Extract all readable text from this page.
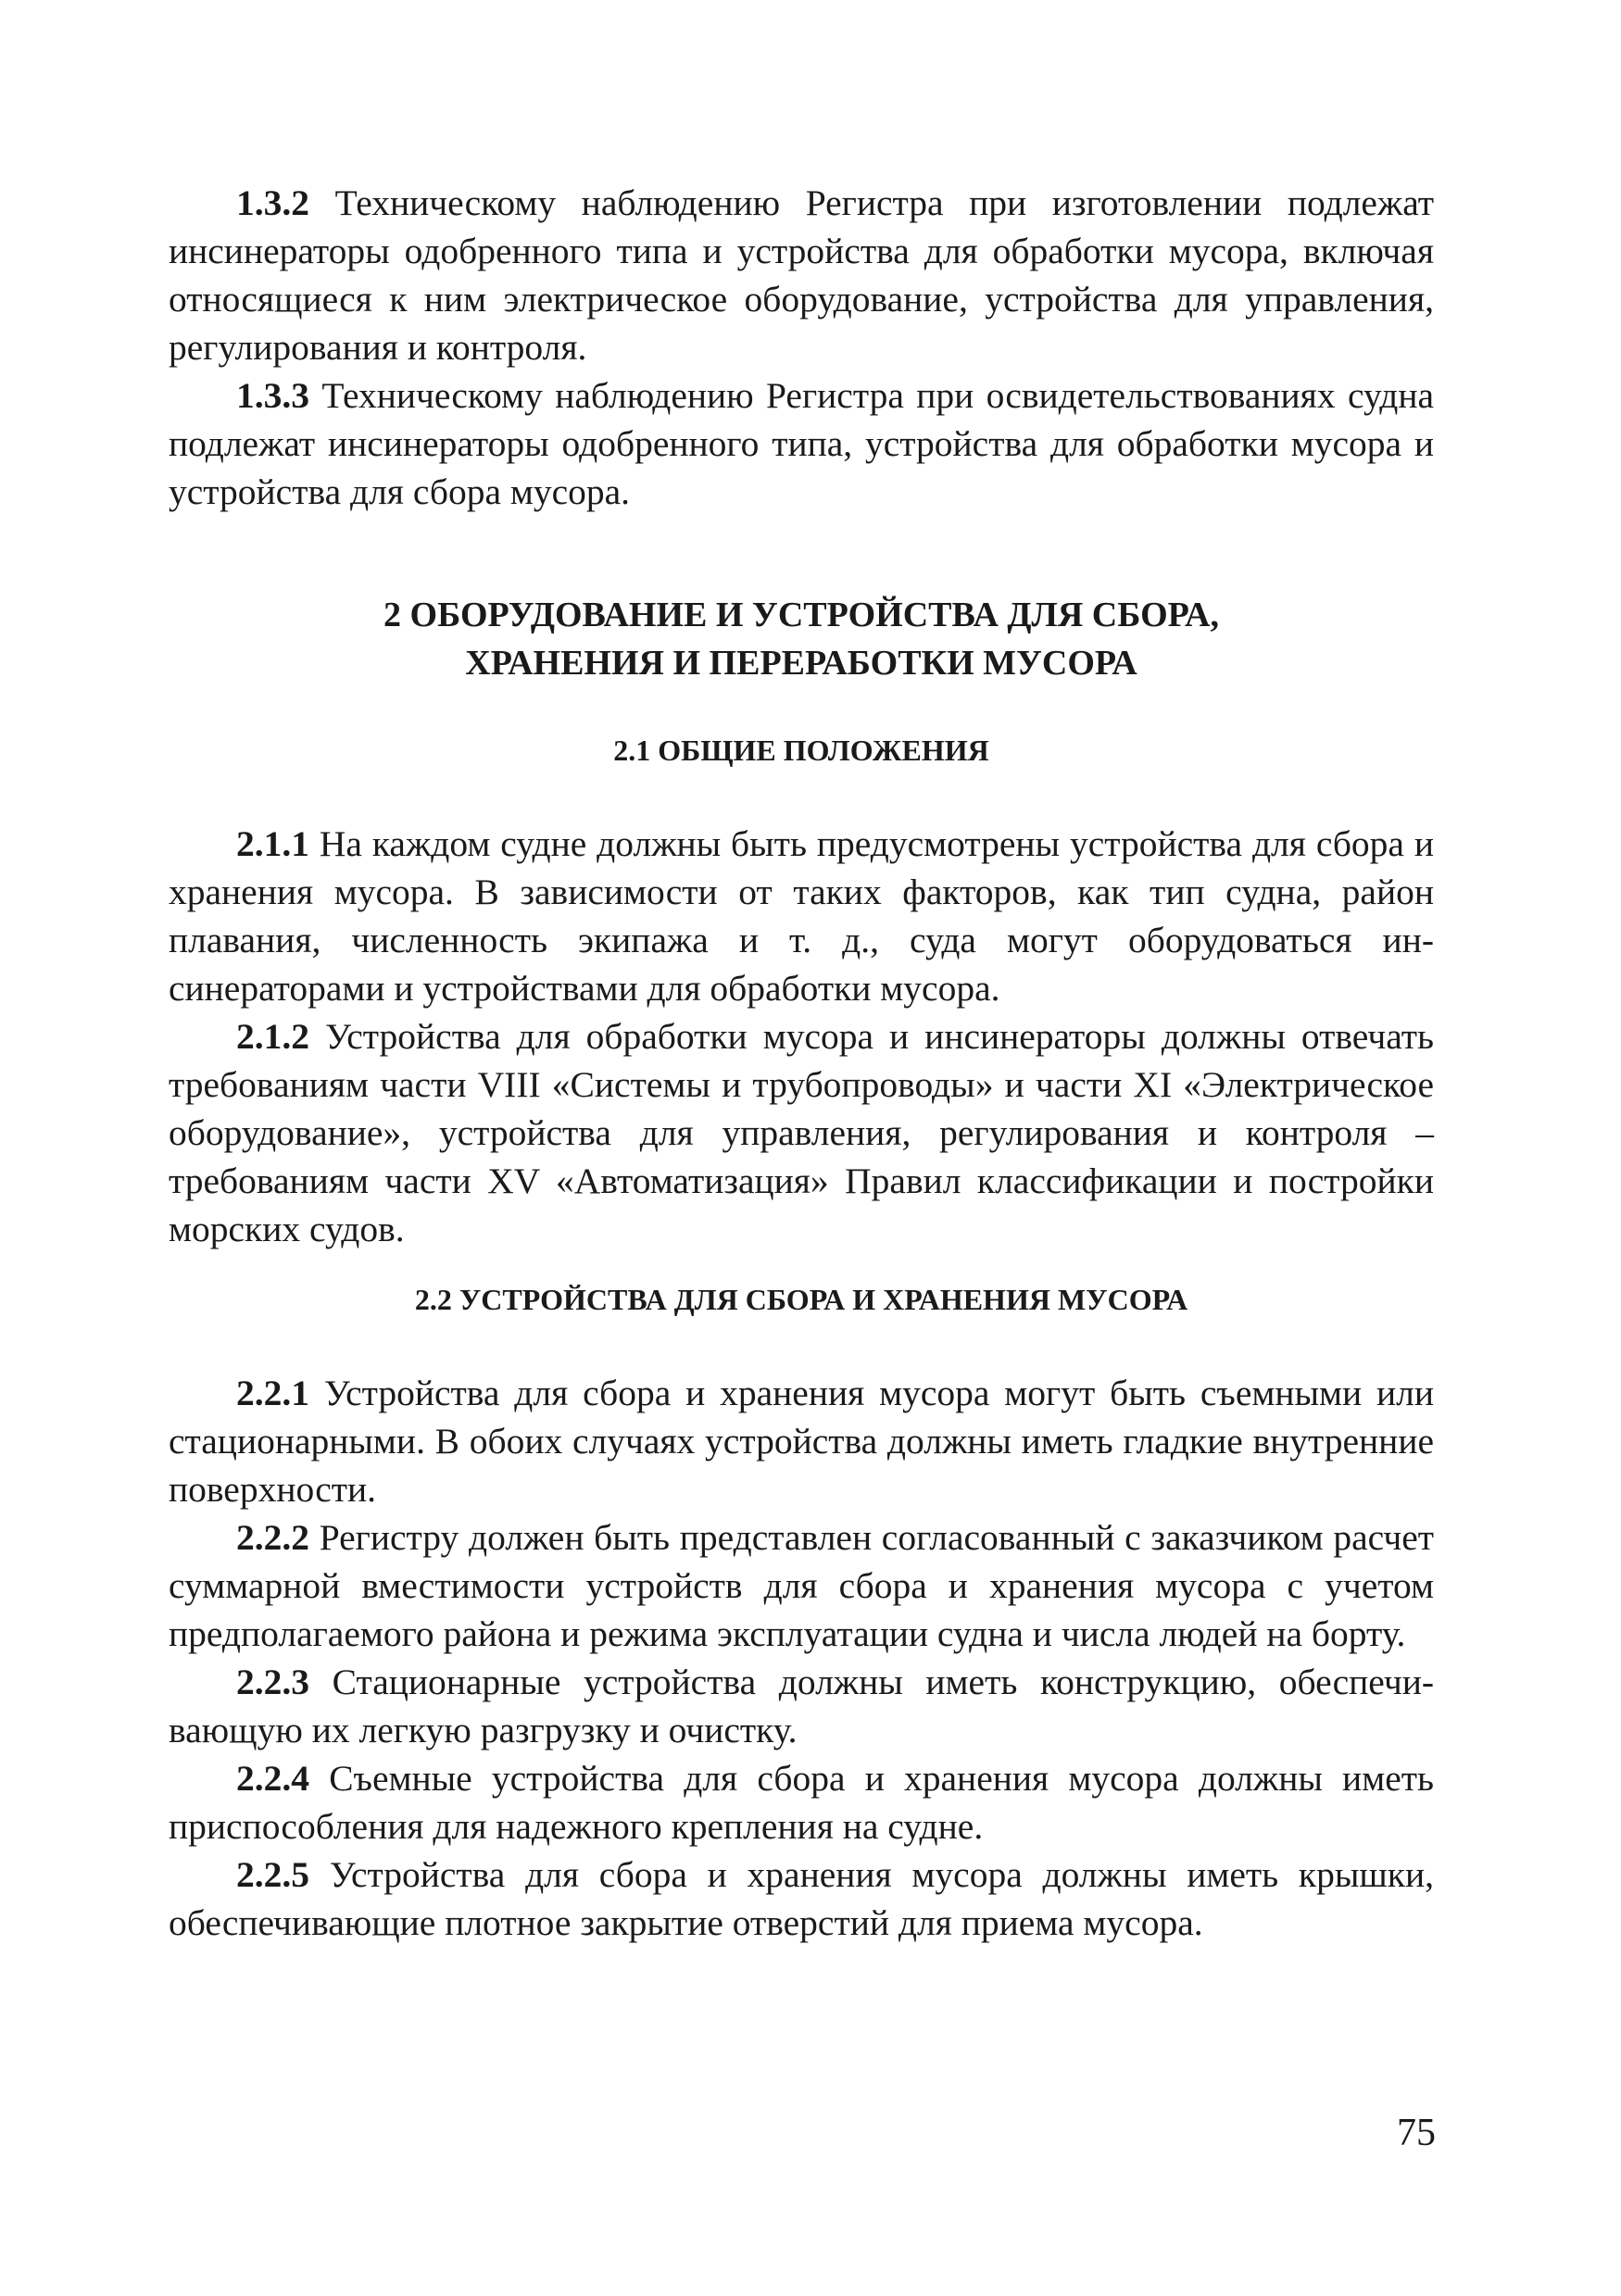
1.3.2 Техническому наблюдению Регистра при изготовлении подлежат инсинераторы одобренного типа и устройства для обработки мусора, включая относящиеся к ним электрическое оборудование, устройства для управления, регулирования и контроля.

1.3.3 Техническому наблюдению Регистра при освидетельствованиях судна подлежат инсинераторы одобренного типа, устройства для обработки мусора и устройства для сбора мусора.

2 ОБОРУДОВАНИЕ И УСТРОЙСТВА ДЛЯ СБОРА,
ХРАНЕНИЯ И ПЕРЕРАБОТКИ МУСОРА
2.1 ОБЩИЕ ПОЛОЖЕНИЯ

2.1.1 На каждом судне должны быть предусмотрены устройства для сбора и хранения мусора. В зависимости от таких факторов, как тип судна, район плавания, численность экипажа и т. д., суда могут оборудоваться инсинераторами и устройствами для обработки мусора.

2.1.2 Устройства для обработки мусора и инсинераторы должны отвечать требованиям части VIII «Системы и трубопроводы» и части XI «Электрическое оборудование», устройства для управления, регулирования и контроля – требованиям части XV «Автоматизация» Правил классификации и постройки морских судов.

2.2 УСТРОЙСТВА ДЛЯ СБОРА И ХРАНЕНИЯ МУСОРА

2.2.1 Устройства для сбора и хранения мусора могут быть съемными или стационарными. В обоих случаях устройства должны иметь гладкие внутренние поверхности.

2.2.2 Регистру должен быть представлен согласованный с заказчиком расчет суммарной вместимости устройств для сбора и хранения мусора с учетом предполагаемого района и режима эксплуатации судна и числа людей на борту.

2.2.3 Стационарные устройства должны иметь конструкцию, обеспечивающую их легкую разгрузку и очистку.

2.2.4 Съемные устройства для сбора и хранения мусора должны иметь приспособления для надежного крепления на судне.

2.2.5 Устройства для сбора и хранения мусора должны иметь крышки, обеспечивающие плотное закрытие отверстий для приема мусора.

75
